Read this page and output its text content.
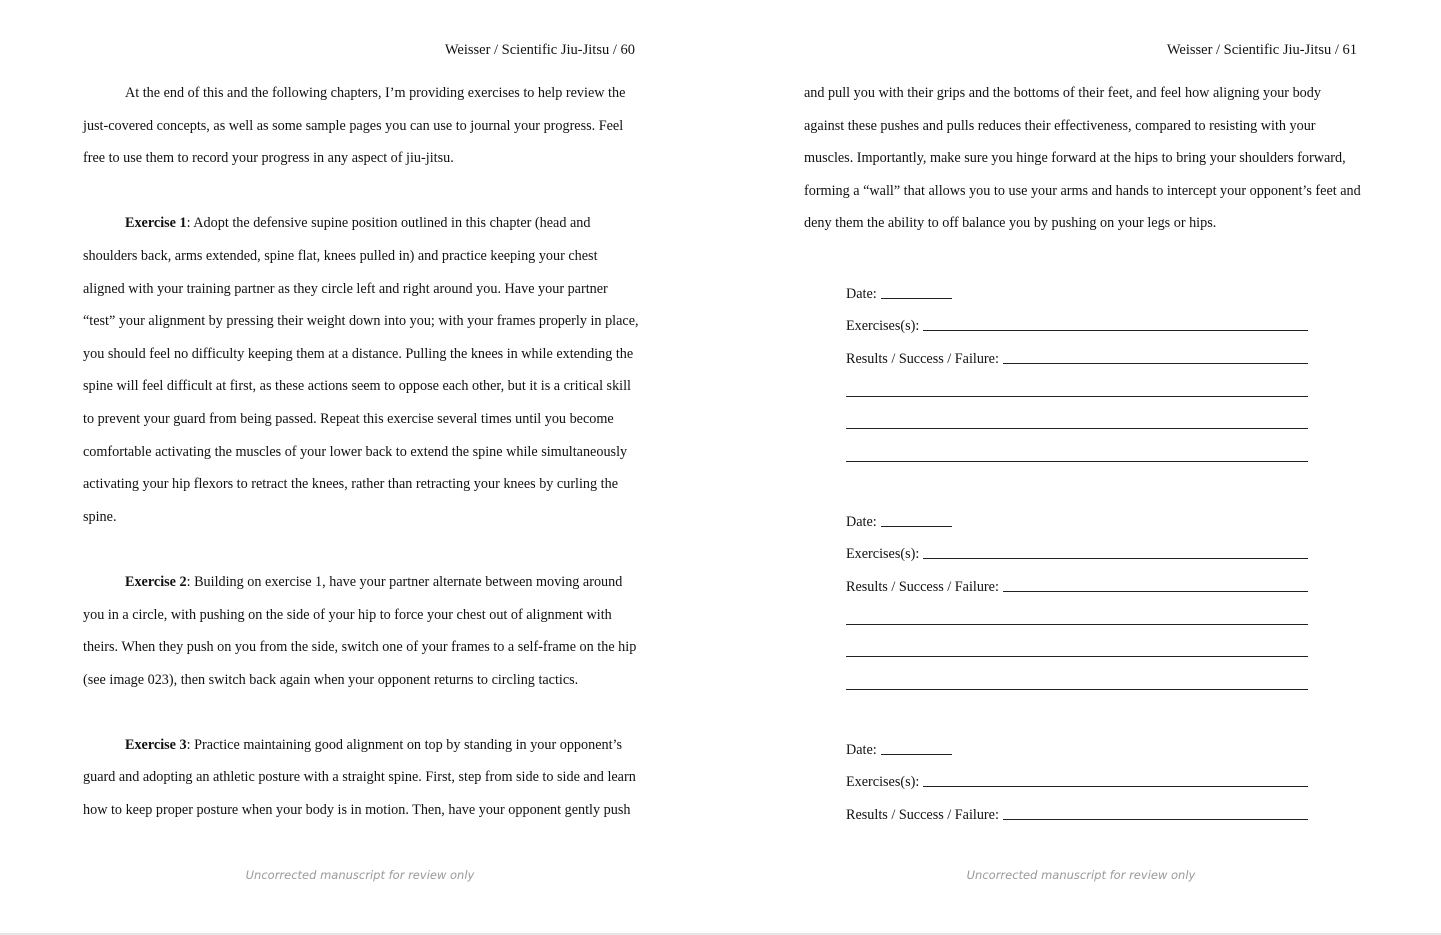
Weisser / Scientific Jiu-Jitsu / 60

At the end of this and the following chapters, I’m providing exercises to help review the just-covered concepts, as well as some sample pages you can use to journal your progress. Feel free to use them to record your progress in any aspect of jiu-jitsu.

Exercise 1: Adopt the defensive supine position outlined in this chapter (head and shoulders back, arms extended, spine flat, knees pulled in) and practice keeping your chest aligned with your training partner as they circle left and right around you. Have your partner “test” your alignment by pressing their weight down into you; with your frames properly in place, you should feel no difficulty keeping them at a distance. Pulling the knees in while extending the spine will feel difficult at first, as these actions seem to oppose each other, but it is a critical skill to prevent your guard from being passed. Repeat this exercise several times until you become comfortable activating the muscles of your lower back to extend the spine while simultaneously activating your hip flexors to retract the knees, rather than retracting your knees by curling the spine.

Exercise 2: Building on exercise 1, have your partner alternate between moving around you in a circle, with pushing on the side of your hip to force your chest out of alignment with theirs. When they push on you from the side, switch one of your frames to a self-frame on the hip (see image 023), then switch back again when your opponent returns to circling tactics.

Exercise 3: Practice maintaining good alignment on top by standing in your opponent’s guard and adopting an athletic posture with a straight spine. First, step from side to side and learn how to keep proper posture when your body is in motion. Then, have your opponent gently push

Uncorrected manuscript for review only
Weisser / Scientific Jiu-Jitsu / 61

and pull you with their grips and the bottoms of their feet, and feel how aligning your body against these pushes and pulls reduces their effectiveness, compared to resisting with your muscles. Importantly, make sure you hinge forward at the hips to bring your shoulders forward, forming a “wall” that allows you to use your arms and hands to intercept your opponent’s feet and deny them the ability to off balance you by pushing on your legs or hips.

Date:
Exercises(s):
Results / Success / Failure:
Date:
Exercises(s):
Results / Success / Failure:
Date:
Exercises(s):
Results / Success / Failure:
Uncorrected manuscript for review only
